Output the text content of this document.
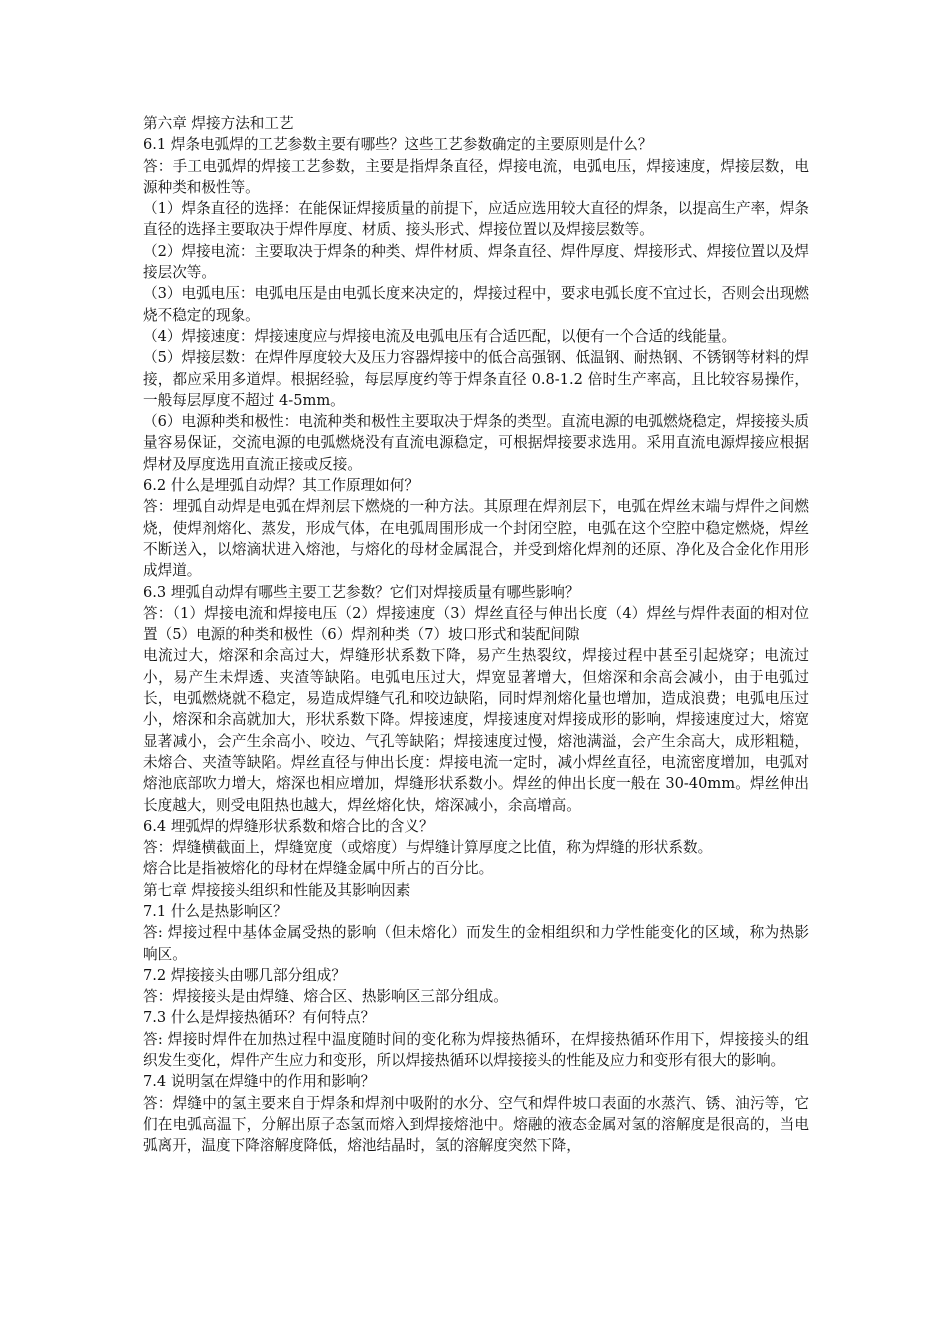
第六章 焊接方法和工艺

6.1 焊条电弧焊的工艺参数主要有哪些？这些工艺参数确定的主要原则是什么？

答：手工电弧焊的焊接工艺参数，主要是指焊条直径，焊接电流，电弧电压，焊接速度，焊接层数，电源种类和极性等。

（1）焊条直径的选择：在能保证焊接质量的前提下，应适应选用较大直径的焊条，以提高生产率，焊条直径的选择主要取决于焊件厚度、材质、接头形式、焊接位置以及焊接层数等。

（2）焊接电流：主要取决于焊条的种类、焊件材质、焊条直径、焊件厚度、焊接形式、焊接位置以及焊接层次等。

（3）电弧电压：电弧电压是由电弧长度来决定的，焊接过程中，要求电弧长度不宜过长，否则会出现燃烧不稳定的现象。

（4）焊接速度：焊接速度应与焊接电流及电弧电压有合适匹配，以便有一个合适的线能量。

（5）焊接层数：在焊件厚度较大及压力容器焊接中的低合高强钢、低温钢、耐热钢、不锈钢等材料的焊接，都应采用多道焊。根据经验，每层厚度约等于焊条直径 0.8-1.2 倍时生产率高，且比较容易操作，一般每层厚度不超过 4-5mm。

（6）电源种类和极性：电流种类和极性主要取决于焊条的类型。直流电源的电弧燃烧稳定，焊接接头质量容易保证，交流电源的电弧燃烧没有直流电源稳定，可根据焊接要求选用。采用直流电源焊接应根据焊材及厚度选用直流正接或反接。

6.2 什么是埋弧自动焊？其工作原理如何？

答：埋弧自动焊是电弧在焊剂层下燃烧的一种方法。其原理在焊剂层下，电弧在焊丝末端与焊件之间燃烧，使焊剂熔化、蒸发，形成气体，在电弧周围形成一个封闭空腔，电弧在这个空腔中稳定燃烧，焊丝不断送入，以熔滴状进入熔池，与熔化的母材金属混合，并受到熔化焊剂的还原、净化及合金化作用形成焊道。

6.3 埋弧自动焊有哪些主要工艺参数？它们对焊接质量有哪些影响？

答：（1）焊接电流和焊接电压（2）焊接速度（3）焊丝直径与伸出长度（4）焊丝与焊件表面的相对位置（5）电源的种类和极性（6）焊剂种类（7）坡口形式和装配间隙

电流过大，熔深和余高过大，焊缝形状系数下降，易产生热裂纹，焊接过程中甚至引起烧穿；电流过小，易产生未焊透、夹渣等缺陷。电弧电压过大，焊宽显著增大，但熔深和余高会减小，由于电弧过长，电弧燃烧就不稳定，易造成焊缝气孔和咬边缺陷，同时焊剂熔化量也增加，造成浪费；电弧电压过小，熔深和余高就加大，形状系数下降。焊接速度，焊接速度对焊接成形的影响，焊接速度过大，熔宽显著减小，会产生余高小、咬边、气孔等缺陷；焊接速度过慢，熔池满溢，会产生余高大，成形粗糙，未熔合、夹渣等缺陷。焊丝直径与伸出长度：焊接电流一定时，减小焊丝直径，电流密度增加，电弧对熔池底部吹力增大，熔深也相应增加，焊缝形状系数小。焊丝的伸出长度一般在 30-40mm。焊丝伸出长度越大，则受电阻热也越大，焊丝熔化快，熔深减小，余高增高。

6.4 埋弧焊的焊缝形状系数和熔合比的含义？

答：焊缝横截面上，焊缝宽度（或熔度）与焊缝计算厚度之比值，称为焊缝的形状系数。

熔合比是指被熔化的母材在焊缝金属中所占的百分比。

第七章 焊接接头组织和性能及其影响因素

7.1 什么是热影响区？

答: 焊接过程中基体金属受热的影响（但未熔化）而发生的金相组织和力学性能变化的区域，称为热影响区。

7.2 焊接接头由哪几部分组成？

答：焊接接头是由焊缝、熔合区、热影响区三部分组成。

7.3 什么是焊接热循环？有何特点？

答: 焊接时焊件在加热过程中温度随时间的变化称为焊接热循环，在焊接热循环作用下，焊接接头的组织发生变化，焊件产生应力和变形，所以焊接热循环以焊接接头的性能及应力和变形有很大的影响。

7.4 说明氢在焊缝中的作用和影响？

答：焊缝中的氢主要来自于焊条和焊剂中吸附的水分、空气和焊件坡口表面的水蒸汽、锈、油污等，它们在电弧高温下，分解出原子态氢而熔入到焊接熔池中。熔融的液态金属对氢的溶解度是很高的，当电弧离开，温度下降溶解度降低，熔池结晶时，氢的溶解度突然下降，
